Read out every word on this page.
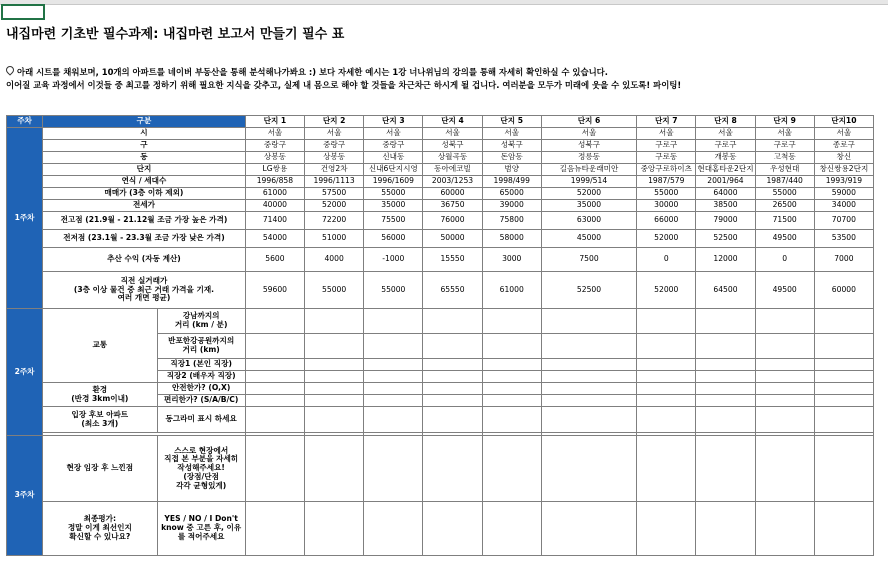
내집마련 기초반 필수과제: 내집마련 보고서 만들기 필수 표
아래 시트를 채워보며, 10개의 아파트를 네이버 부동산을 통해 분석해나가봐요 :) 보다 자세한 예시는 1강 너나위님의 강의를 통해 자세히 확인하실 수 있습니다.
이어질 교육 과정에서 이것들 중 최고를 정하기 위해 필요한 지식을 갖추고, 실제 내 몸으로 해야 할 것들을 차근차근 하시게 될 겁니다. 여러분을 모두가 미래에 웃을 수 있도록! 파이팅!
주차	구분		단지 1	단지 2	단지 3	단지 4	단지 5	단지 6	단지 7	단지 8	단지 9	단지10
1주차	시		서울	서울	서울	서울	서울	서울	서울	서울	서울	서울
	구		중랑구	중랑구	중랑구	성북구	성북구	성북구	구로구	구로구	구로구	종로구
	동		상봉동	상봉동	신내동	상월곡동	돈암동	정릉동	구로동	개봉동	고척동	창신
	단지		LG쌍용	건영2차	신내6단지시영	동아에코빌	범양	길음뉴타운래미안	중앙구로하이츠	현대홈타운2단지	우성현대	창신쌍용2단지
	연식 / 세대수		1996/858	1996/1113	1996/1609	2003/1253	1998/499	1999/514	1987/579	2001/964	1987/440	1993/919
	매매가 (3층 이하 제외)		61000	57500	55000	60000	65000	52000	55000	64000	55000	59000
	전세가		40000	52000	35000	36750	39000	35000	30000	38500	26500	34000
	전고점 (21.9월 - 21.12월 조금 가장 높은 가격)		71400	72200	75500	76000	75800	63000	66000	79000	71500	70700
	전저점 (23.1월 - 23.3월 조금 가장 낮은 가격)		54000	51000	56000	50000	58000	45000	52000	52500	49500	53500
	추산 수익 (자동 계산)		5600	4000	-1000	15550	3000	7500	0	12000	0	7000
	직전 실거래가
(3층 이상 물건 중 최근 거래 가격을 기재.
여러 개면 평균)		59600	55000	55000	65550	61000	52500	52000	64500	49500	60000
2주차	교통	강남까지의
거리 (km / 분)										
		반포한강공원까지의
거리 (km)										
		직장1 (본인 직장)										
		직장2 (배우자 직장)										
	환경
(반경 3km이내)	안전한가? (O,X)										
		편리한가? (S/A/B/C)										
	입장 후보 아파트
(최소 3개)	동그라미 표시 하세요										

3주차	현장 임장 후 느낀점	스스로 현장에서
직접 본 부분을 자세히
작성해주세요!
(장점/단점
각각 균형있게)										
	최종평가:
정말 이게 최선인지
확신할 수 있나요?	YES / NO / I Don't
know 중 고른 후, 이유
를 적어주세요										
